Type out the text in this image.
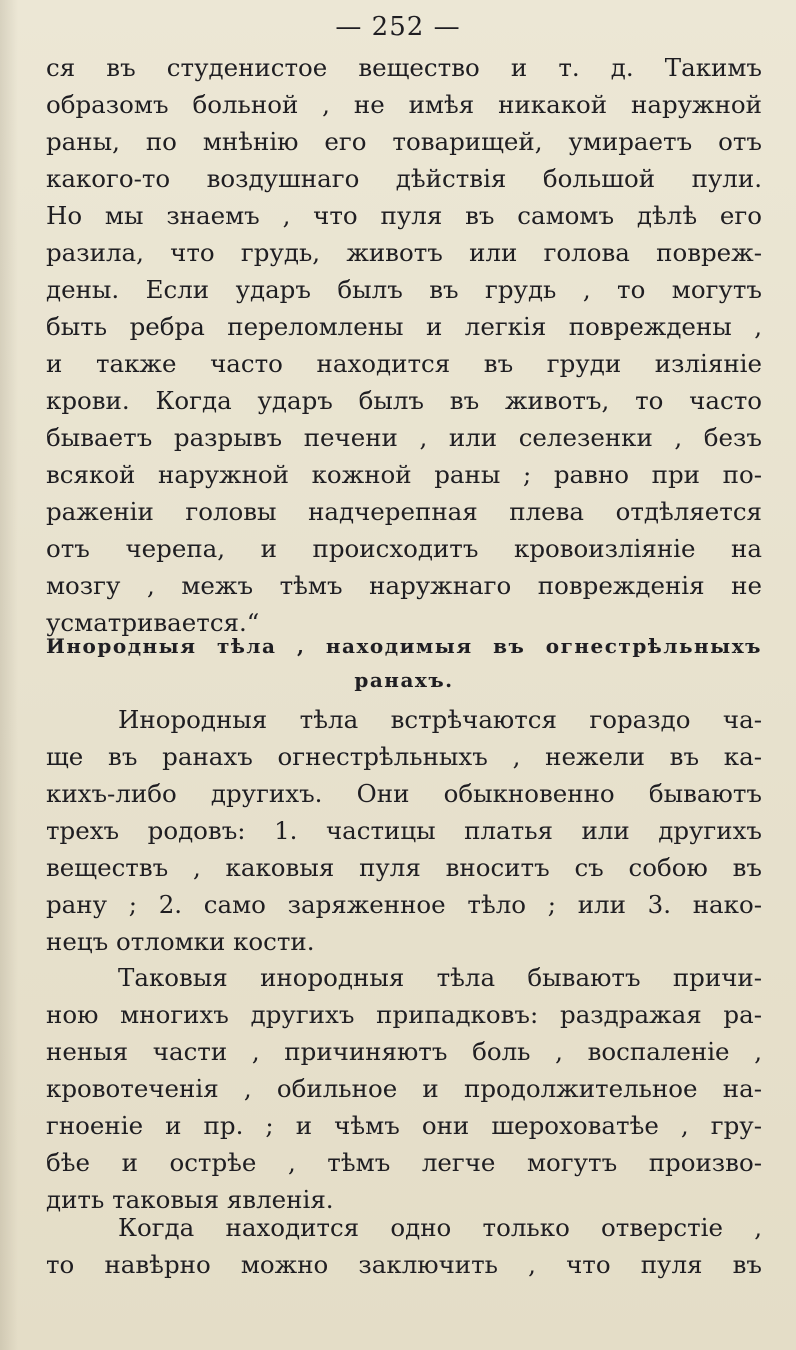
— 252 —
ся въ студенистое вещество и т. д. Такимъ
образомъ больной , не имѣя никакой наружной
раны, по мнѣнію его товарищей, умираетъ отъ
какого-то воздушнаго дѣйствія большой пули.
Но мы знаемъ , что пуля въ самомъ дѣлѣ его
разила, что грудь, животъ или голова повреж-
дены. Если ударъ былъ въ грудь , то могутъ
быть ребра переломлены и легкія повреждены ,
и также часто находится въ груди изліяніе
крови. Когда ударъ былъ въ животъ, то часто
бываетъ разрывъ печени , или селезенки , безъ
всякой наружной кожной раны ; равно при по-
раженіи головы надчерепная плева отдѣляется
отъ черепа, и происходитъ кровоизліяніе на
мозгу , межъ тѣмъ наружнаго поврежденія не
усматривается.“
Инородныя тѣла , находимыя въ огнестрѣльныхъ
ранахъ.
Инородныя тѣла встрѣчаются гораздо ча-
ще въ ранахъ огнестрѣльныхъ , нежели въ ка-
кихъ-либо другихъ. Они обыкновенно бываютъ
трехъ родовъ: 1. частицы платья или другихъ
веществъ , каковыя пуля вноситъ съ собою въ
рану ; 2. само заряженное тѣло ; или 3. нако-
нецъ отломки кости.
Таковыя инородныя тѣла бываютъ причи-
ною многихъ другихъ припадковъ: раздражая ра-
неныя части , причиняютъ боль , воспаленіе ,
кровотеченія , обильное и продолжительное на-
гноеніе и пр. ; и чѣмъ они шероховатѣе , гру-
бѣе и острѣе , тѣмъ легче могутъ произво-
дить таковыя явленія.
Когда находится одно только отверстіе ,
то навѣрно можно заключить , что пуля въ
